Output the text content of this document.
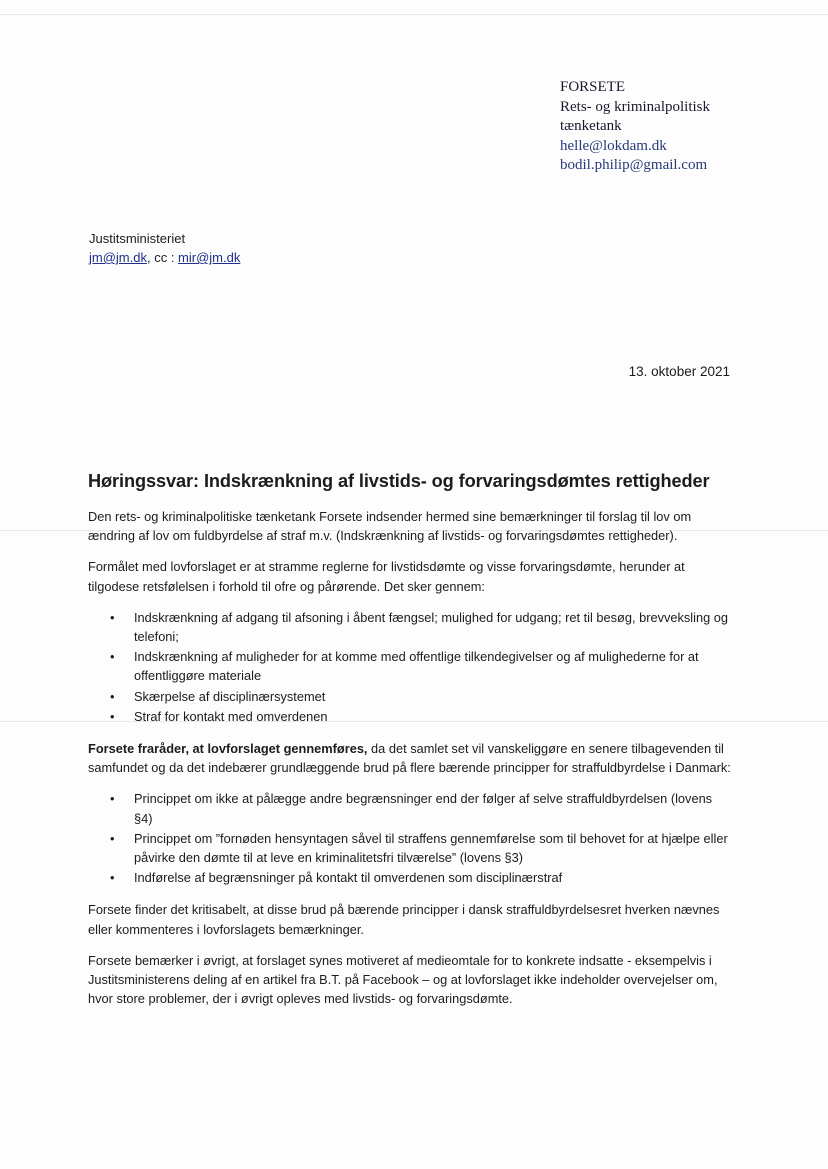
FORSETE
Rets- og kriminalpolitisk
tænketank
helle@lokdam.dk
bodil.philip@gmail.com
Justitsministeriet
jm@jm.dk, cc : mir@jm.dk
13. oktober 2021
Høringssvar: Indskrænkning af livstids- og forvaringsdømtes rettigheder

Den rets- og kriminalpolitiske tænketank Forsete indsender hermed sine bemærkninger til forslag til lov om ændring af lov om fuldbyrdelse af straf m.v. (Indskrænkning af livstids- og forvaringsdømtes rettigheder).

Formålet med lovforslaget er at stramme reglerne for livstidsdømte og visse forvaringsdømte, herunder at tilgodese retsfølelsen i forhold til ofre og pårørende. Det sker gennem:

• Indskrænkning af adgang til afsoning i åbent fængsel; mulighed for udgang; ret til besøg, brevveksling og telefoni;
• Indskrænkning af muligheder for at komme med offentlige tilkendegivelser og af mulighederne for at offentliggøre materiale
• Skærpelse af disciplinærsystemet
• Straf for kontakt med omverdenen

Forsete fraråder, at lovforslaget gennemføres, da det samlet set vil vanskeliggøre en senere tilbagevenden til samfundet og da det indebærer grundlæggende brud på flere bærende principper for straffuldbyrdelse i Danmark:

• Princippet om ikke at pålægge andre begrænsninger end der følger af selve straffuldbyrdelsen (lovens §4)
• Princippet om ”fornøden hensyntagen såvel til straffens gennemførelse som til behovet for at hjælpe eller påvirke den dømte til at leve en kriminalitetsfri tilværelse” (lovens §3)
• Indførelse af begrænsninger på kontakt til omverdenen som disciplinærstraf

Forsete finder det kritisabelt, at disse brud på bærende principper i dansk straffuldbyrdelsesret hverken nævnes eller kommenteres i lovforslagets bemærkninger.

Forsete bemærker i øvrigt, at forslaget synes motiveret af medieomtale for to konkrete indsatte - eksempelvis i Justitsministerens deling af en artikel fra B.T. på Facebook – og at lovforslaget ikke indeholder overvejelser om, hvor store problemer, der i øvrigt opleves med livstids- og forvaringsdømte.
